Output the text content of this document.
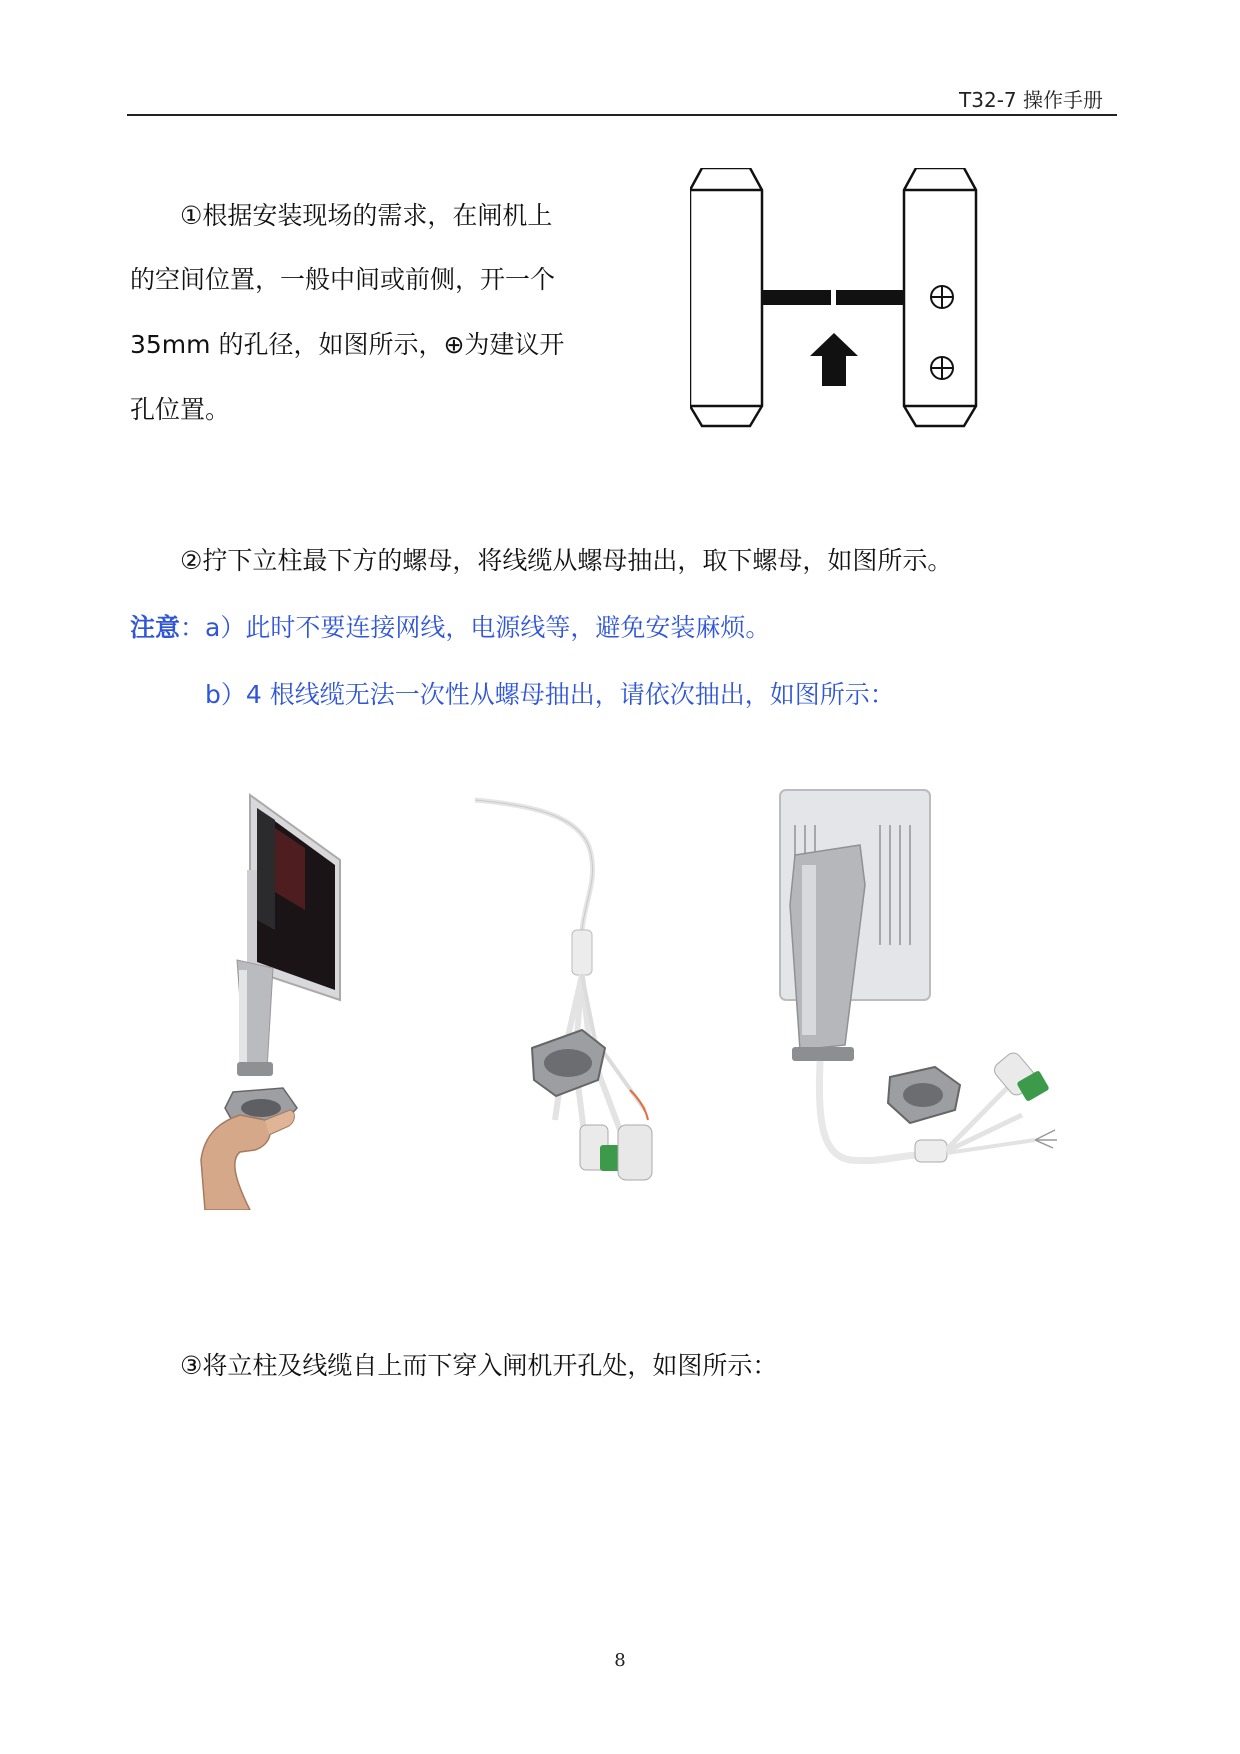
T32-7 操作手册
①根据安装现场的需求，在闸机上
的空间位置，一般中间或前侧，开一个
35mm 的孔径，如图所示，⊕为建议开
孔位置。
②拧下立柱最下方的螺母，将线缆从螺母抽出，取下螺母，如图所示。
注意：a）此时不要连接网线，电源线等，避免安装麻烦。
b）4 根线缆无法一次性从螺母抽出，请依次抽出，如图所示：
③将立柱及线缆自上而下穿入闸机开孔处，如图所示：
8
